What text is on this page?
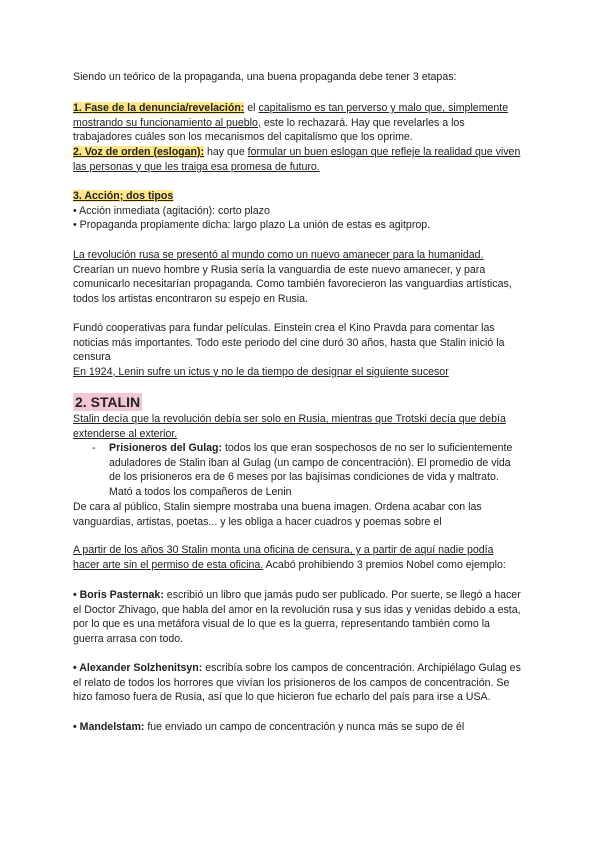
Siendo un teórico de la propaganda, una buena propaganda debe tener 3 etapas:

1. Fase de la denuncia/revelación: el capitalismo es tan perverso y malo que, simplemente mostrando su funcionamiento al pueblo, este lo rechazará. Hay que revelarles a los trabajadores cuáles son los mecanismos del capitalismo que los oprime.

2. Voz de orden (eslogan): hay que formular un buen eslogan que refleje la realidad que viven las personas y que les traiga esa promesa de futuro.

3. Acción; dos tipos
• Acción inmediata (agitación): corto plazo
• Propaganda propiamente dicha: largo plazo La unión de estas es agitprop.

La revolución rusa se presentó al mundo como un nuevo amanecer para la humanidad. Crearían un nuevo hombre y Rusia sería la vanguardia de este nuevo amanecer, y para comunicarlo necesitarían propaganda. Como también favorecieron las vanguardias artísticas, todos los artistas encontraron su espejo en Rusia.

Fundó cooperativas para fundar películas. Einstein crea el Kino Pravda para comentar las noticias más importantes. Todo este periodo del cine duró 30 años, hasta que Stalin inició la censura
En 1924, Lenin sufre un ictus y no le da tiempo de designar el siguiente sucesor

2. STALIN

Stalin decía que la revolución debía ser solo en Rusia, mientras que Trotski decía que debía extenderse al exterior.

- Prisioneros del Gulag: todos los que eran sospechosos de no ser lo suficientemente aduladores de Stalin iban al Gulag (un campo de concentración). El promedio de vida de los prisioneros era de 6 meses por las bajísimas condiciones de vida y maltrato. Mató a todos los compañeros de Lenin

De cara al público, Stalin siempre mostraba una buena imagen. Ordena acabar con las vanguardias, artistas, poetas... y les obliga a hacer cuadros y poemas sobre el

A partir de los años 30 Stalin monta una oficina de censura, y a partir de aquí nadie podía hacer arte sin el permiso de esta oficina. Acabó prohibiendo 3 premios Nobel como ejemplo:

• Boris Pasternak: escribió un libro que jamás pudo ser publicado. Por suerte, se llegó a hacer el Doctor Zhivago, que habla del amor en la revolución rusa y sus idas y venidas debido a esta, por lo que es una metáfora visual de lo que es la guerra, representando también como la guerra arrasa con todo.

• Alexander Solzhenitsyn: escribía sobre los campos de concentración. Archipiélago Gulag es el relato de todos los horrores que vivían los prisioneros de los campos de concentración. Se hizo famoso fuera de Rusia, así que lo que hicieron fue echarlo del país para irse a USA.

• Mandelstam: fue enviado un campo de concentración y nunca más se supo de él
